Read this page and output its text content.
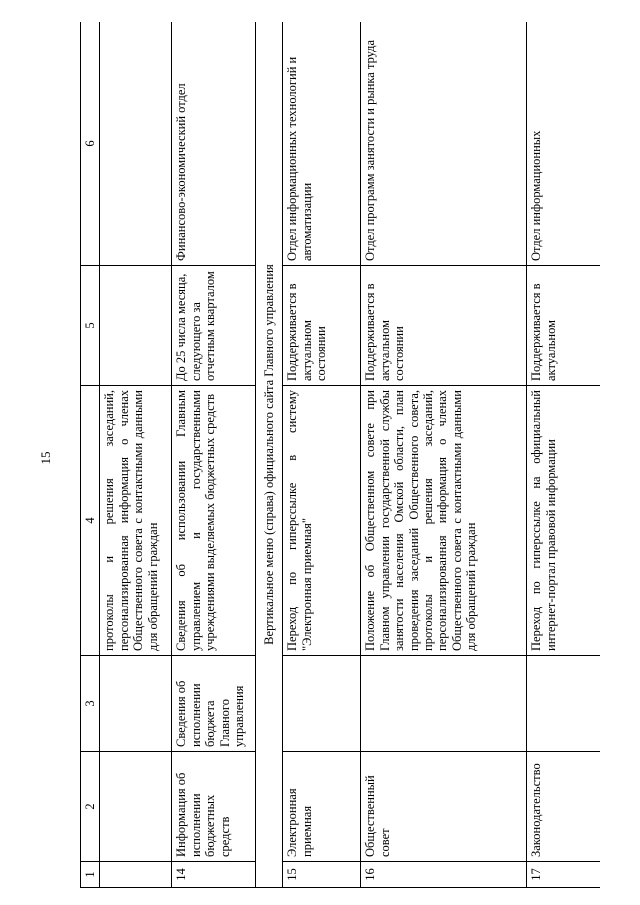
15
1	2	3	4	5	6
			протоколы и решения заседаний, персонализированная информация о членах Общественного совета с контактными данными для обращений граждан		
14	Информация об исполнении бюджетных средств	Сведения об исполнении бюджета Главного управления	Сведения об использовании Главным управлением и государственными учреждениями выделяемых бюджетных средств	До 25 числа месяца, следующего за отчетным кварталом	Финансово-экономический отдел
Вертикальное меню (справа) официального сайта Главного управления					
15	Электронная приемная		Переход по гиперссылке в систему "Электронная приемная"	Поддерживается в актуальном состоянии	Отдел информационных технологий и автоматизации
16	Общественный совет		Положение об Общественном совете при Главном управлении государственной службы занятости населения Омской области, план проведения заседаний Общественного совета, протоколы и решения заседаний, персонализированная информация о членах Общественного совета с контактными данными для обращений граждан	Поддерживается в актуальном состоянии	Отдел программ занятости и рынка труда
17	Законодательство		Переход по гиперссылке на официальный интернет-портал правовой информации	Поддерживается в актуальном	Отдел информационных
